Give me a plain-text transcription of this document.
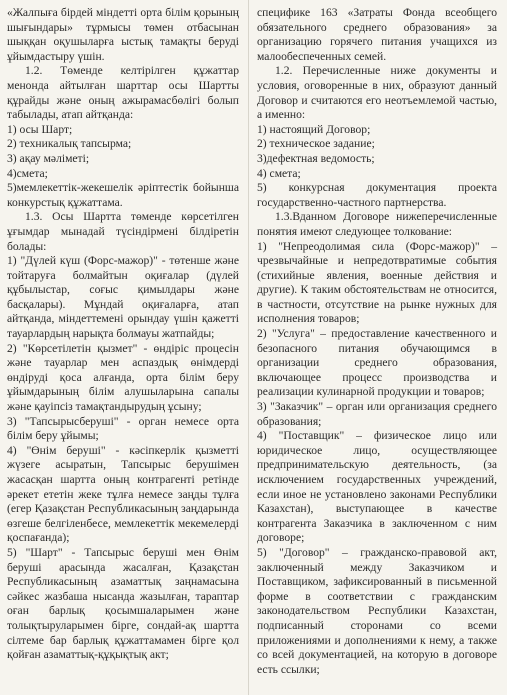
«Жалпыға бірдей міндетті орта білім қорының шығындары» тұрмысы төмен отбасынан шыққан оқушыларға ыстық тамақты беруді ұйымдастыру үшін.

1.2. Төменде келтірілген құжаттар менонда айтылған шарттар осы Шартты құрайды және оның ажырамасбөлігі болып табылады, атап айтқанда:

1) осы Шарт;

2) техникалық тапсырма;

3) ақау мәліметі;

4)смета;

5)мемлекеттік-жекешелік әріптестік бойынша конкурстық құжаттама.

1.3. Осы Шартта төменде көрсетілген ұғымдар мынадай түсіндірмені білдіретін болады:

1) "Дүлей күш (Форс-мажор)" - төтенше және тойтаруға болмайтын оқиғалар (дүлей құбылыстар, соғыс қимылдары және басқалары). Мұндай оқиғаларға, атап айтқанда, міндеттемені орындау үшін қажетті тауарлардың нарықта болмауы жатпайды;

2) "Көрсетілетін қызмет" - өндіріс процесін және тауарлар мен аспаздық өнімдерді өндіруді қоса алғанда, орта білім беру ұйымдарының білім алушыларына сапалы және қауіпсіз тамақтандырудың ұсыну;

3) "Тапсырысберуші" - орган немесе орта білім беру ұйымы;

4) "Өнім беруші" - кәсіпкерлік қызметті жүзеге асыратын, Тапсырыс берушімен жасасқан шартта оның контрагенті ретінде әрекет ететін жеке тұлға немесе заңды тұлға (егер Қазақстан Республикасының заңдарында өзгеше белгіленбесе, мемлекеттік мекемелерді қоспағанда);

5) "Шарт" - Тапсырыс беруші мен Өнім беруші арасында жасалған, Қазақстан Республикасының азаматтық заңнамасына сәйкес жазбаша нысанда жазылған, тараптар оған барлық қосымшаларымен және толықтыруларымен бірге, сондай-ақ шартта сілтеме бар барлық құжаттамамен бірге қол қойған азаматтық-құқықтық акт;

специфике 163 «Затраты Фонда всеобщего обязательного среднего образования» за организацию горячего питания учащихся из малообеспеченных семей.

1.2. Перечисленные ниже документы и условия, оговоренные в них, образуют данный Договор и считаются его неотъемлемой частью, а именно:

1) настоящий Договор;

2) техническое задание;

3)дефектная ведомость;

4) смета;

5) конкурсная документация проекта государственно-частного партнерства.

1.3.Вданном Договоре нижеперечисленные понятия имеют следующее толкование:

1) "Непреодолимая сила (Форс-мажор)" – чрезвычайные и непредотвратимые события (стихийные явления, военные действия и другие). К таким обстоятельствам не относится, в частности, отсутствие на рынке нужных для исполнения товаров;

2) "Услуга" – предоставление качественного и безопасного питания обучающимся в организации среднего образования, включающее процесс производства и реализации кулинарной продукции и товаров;

3) "Заказчик" – орган или организация среднего образования;

4) "Поставщик" – физическое лицо или юридическое лицо, осуществляющее предпринимательскую деятельность, (за исключением государственных учреждений, если иное не установлено законами Республики Казахстан), выступающее в качестве контрагента Заказчика в заключенном с ним договоре;

5) "Договор" – гражданско-правовой акт, заключенный между Заказчиком и Поставщиком, зафиксированный в письменной форме в соответствии с гражданским законодательством Республики Казахстан, подписанный сторонами со всеми приложениями и дополнениями к нему, а также со всей документацией, на которую в договоре есть ссылки;
